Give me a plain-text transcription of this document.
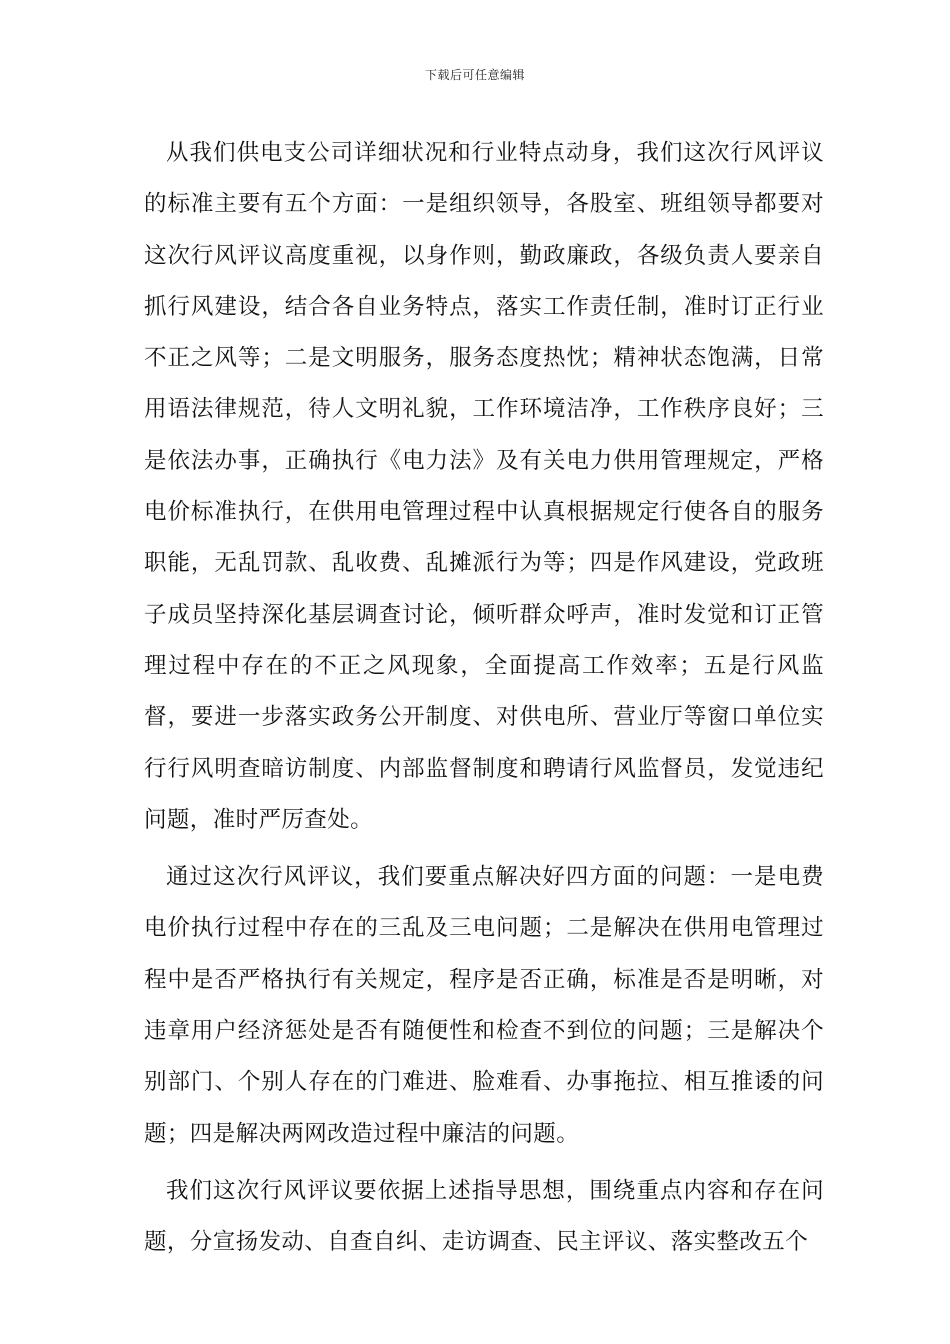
下载后可任意编辑

从我们供电支公司详细状况和行业特点动身，我们这次行风评议的标准主要有五个方面：一是组织领导，各股室、班组领导都要对这次行风评议高度重视，以身作则，勤政廉政，各级负责人要亲自抓行风建设，结合各自业务特点，落实工作责任制，准时订正行业不正之风等；二是文明服务，服务态度热忱；精神状态饱满，日常用语法律规范，待人文明礼貌，工作环境洁净，工作秩序良好；三是依法办事，正确执行《电力法》及有关电力供用管理规定，严格电价标准执行，在供用电管理过程中认真根据规定行使各自的服务职能，无乱罚款、乱收费、乱摊派行为等；四是作风建设，党政班子成员坚持深化基层调查讨论，倾听群众呼声，准时发觉和订正管理过程中存在的不正之风现象，全面提高工作效率；五是行风监督，要进一步落实政务公开制度、对供电所、营业厅等窗口单位实行行风明查暗访制度、内部监督制度和聘请行风监督员，发觉违纪问题，准时严厉查处。

通过这次行风评议，我们要重点解决好四方面的问题：一是电费电价执行过程中存在的三乱及三电问题；二是解决在供用电管理过程中是否严格执行有关规定，程序是否正确，标准是否是明晰，对违章用户经济惩处是否有随便性和检查不到位的问题；三是解决个别部门、个别人存在的门难进、脸难看、办事拖拉、相互推诿的问题；四是解决两网改造过程中廉洁的问题。

我们这次行风评议要依据上述指导思想，围绕重点内容和存在问题，分宣扬发动、自查自纠、走访调查、民主评议、落实整改五个
